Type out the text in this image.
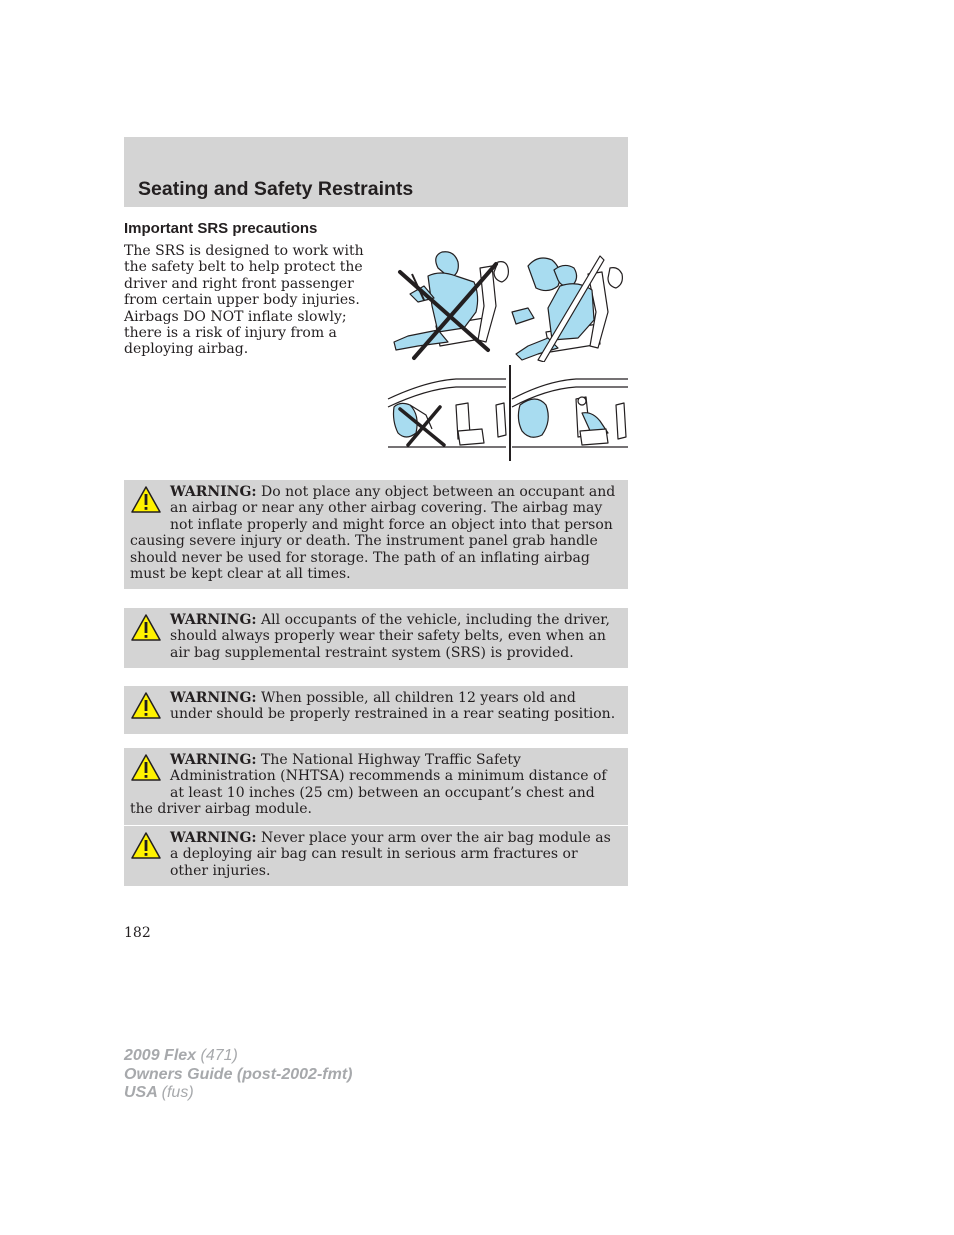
Seating and Safety Restraints
Important SRS precautions

The SRS is designed to work with the safety belt to help protect the driver and right front passenger from certain upper body injuries. Airbags DO NOT inflate slowly; there is a risk of injury from a deploying airbag.

WARNING: Do not place any object between an occupant and an airbag or near any other airbag covering. The airbag may not inflate properly and might force an object into that person causing severe injury or death. The instrument panel grab handle should never be used for storage. The path of an inflating airbag must be kept clear at all times.
WARNING: All occupants of the vehicle, including the driver, should always properly wear their safety belts, even when an air bag supplemental restraint system (SRS) is provided.
WARNING: When possible, all children 12 years old and under should be properly restrained in a rear seating position.
WARNING: The National Highway Traffic Safety Administration (NHTSA) recommends a minimum distance of at least 10 inches (25 cm) between an occupant’s chest and the driver airbag module.
WARNING: Never place your arm over the air bag module as a deploying air bag can result in serious arm fractures or other injuries.
182
2009 Flex (471)
Owners Guide (post-2002-fmt)
USA (fus)
